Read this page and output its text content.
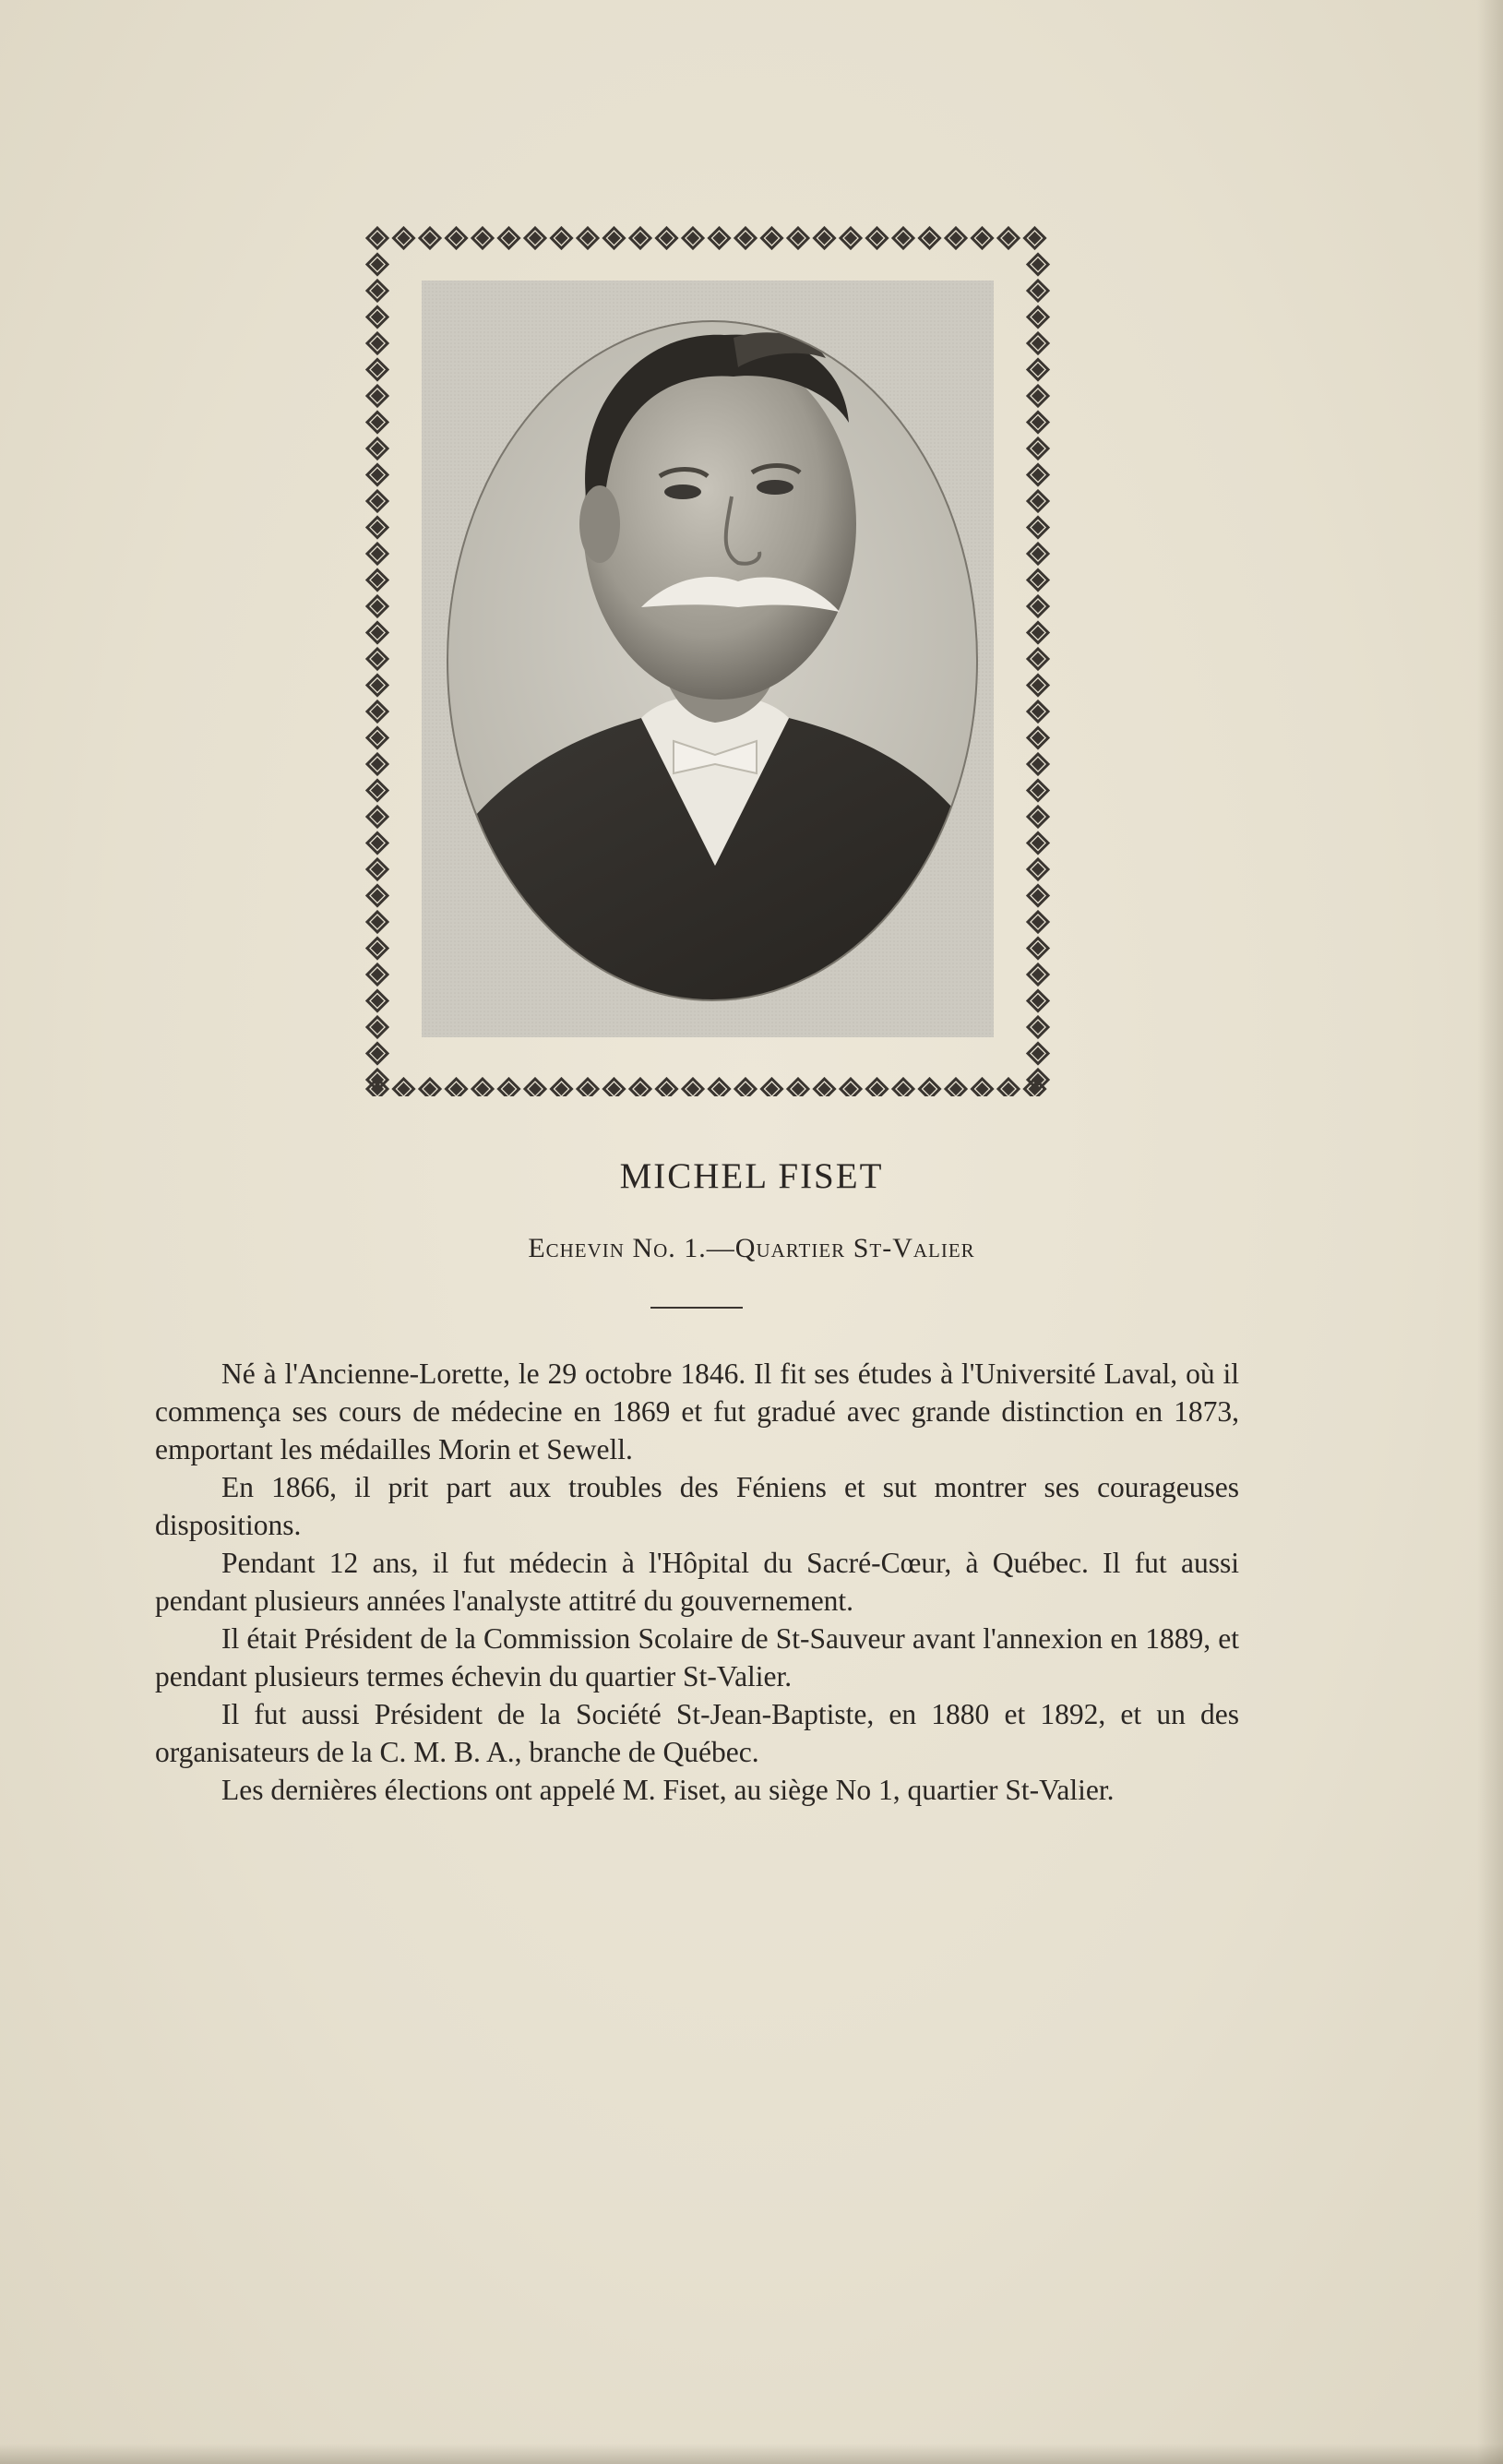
MICHEL FISET
Echevin No. 1.—Quartier St-Valier

Né à l'Ancienne-Lorette, le 29 octobre 1846. Il fit ses études à l'Université Laval, où il commença ses cours de médecine en 1869 et fut gradué avec grande distinction en 1873, emportant les médailles Morin et Sewell.

En 1866, il prit part aux troubles des Féniens et sut montrer ses courageuses dispositions.

Pendant 12 ans, il fut médecin à l'Hôpital du Sacré-Cœur, à Québec. Il fut aussi pendant plusieurs années l'analyste attitré du gouvernement.

Il était Président de la Commission Scolaire de St-Sauveur avant l'annexion en 1889, et pendant plusieurs termes échevin du quartier St-Valier.

Il fut aussi Président de la Société St-Jean-Baptiste, en 1880 et 1892, et un des organisateurs de la C. M. B. A., branche de Québec.

Les dernières élections ont appelé M. Fiset, au siège No 1, quartier St-Valier.
